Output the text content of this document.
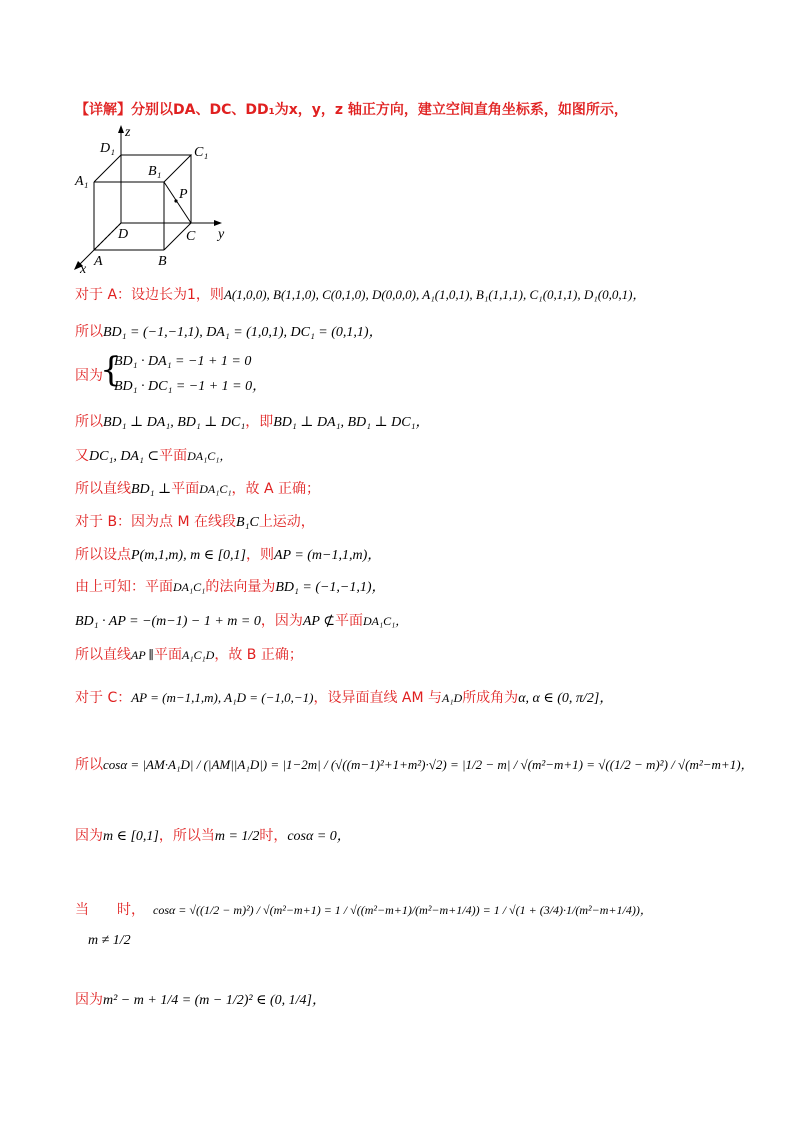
【详解】分别以DA、DC、DD₁为x，y，z 轴正方向，建立空间直角坐标系，如图所示，
z
y
x
D₁	C₁
A₁
B₁
P
D	C
A	B
对于 A：设边长为1，则A(1,0,0), B(1,1,0), C(0,1,0), D(0,0,0), A₁(1,0,1), B₁(1,1,1), C₁(0,1,1), D₁(0,0,1)，
所以BD₁ = (−1,−1,1), DA₁ = (1,0,1), DC₁ = (0,1,1)，
因为
{
BD₁ · DA₁ = −1 + 1 = 0
BD₁ · DC₁ = −1 + 1 = 0，
所以BD₁ ⊥ DA₁, BD₁ ⊥ DC₁，即BD₁ ⊥ DA₁, BD₁ ⊥ DC₁，
又DC₁, DA₁ ⊂平面DA₁C₁，
所以直线BD₁ ⊥平面DA₁C₁，故 A 正确；
对于 B：因为点 M 在线段B₁C上运动，
所以设点P(m,1,m), m ∈ [0,1]，则AP = (m−1,1,m)，
由上可知：平面DA₁C₁的法向量为BD₁ = (−1,−1,1)，
BD₁ · AP = −(m−1) − 1 + m = 0，因为AP ⊄平面DA₁C₁，
所以直线AP ∥平面A₁C₁D，故 B 正确；
对于 C：AP = (m−1,1,m), A₁D = (−1,0,−1)，设异面直线 AM 与A₁D所成角为α, α ∈ (0, π/2]，
所以cosα = |AM·A₁D| / (|AM||A₁D|) = |1−2m| / (√((m−1)²+1+m²)·√2) = |1/2 − m| / √(m²−m+1) = √((1/2 − m)²) / √(m²−m+1)，
因为m ∈ [0,1]，所以当m = 1/2时，cosα = 0，
当 时， cosα = √((1/2 − m)²) / √(m²−m+1) = 1 / √((m²−m+1)/(m²−m+1/4)) = 1 / √(1 + (3/4)·1/(m²−m+1/4))，
m ≠ 1/2
因为m² − m + 1/4 = (m − 1/2)² ∈ (0, 1/4]，
